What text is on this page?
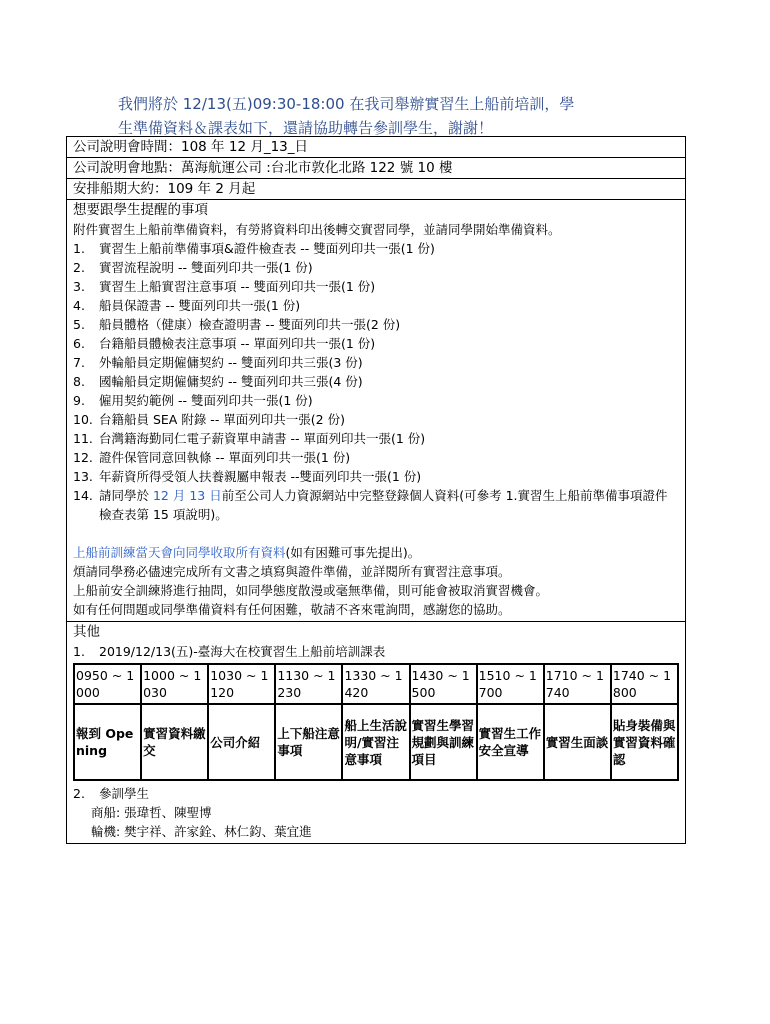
我們將於 12/13(五)09:30-18:00 在我司舉辦實習生上船前培訓，學
生準備資料＆課表如下，還請協助轉告參訓學生，謝謝！
公司說明會時間：108 年 12 月_13_日
公司說明會地點：萬海航運公司 :台北市敦化北路 122 號 10 樓
安排船期大約：109 年 2 月起

想要跟學生提醒的事項

附件實習生上船前準備資料，有勞將資料印出後轉交實習同學，並請同學開始準備資料。

1.	實習生上船前準備事項&證件檢查表 -- 雙面列印共一張(1 份)
2.	實習流程說明 -- 雙面列印共一張(1 份)
3.	實習生上船實習注意事項 -- 雙面列印共一張(1 份)
4.	船員保證書 -- 雙面列印共一張(1 份)
5.	船員體格（健康）檢查證明書 -- 雙面列印共一張(2 份)
6.	台籍船員體檢表注意事項 -- 單面列印共一張(1 份)
7.	外輪船員定期僱傭契約 -- 雙面列印共三張(3 份)
8.	國輪船員定期僱傭契約 -- 雙面列印共三張(4 份)
9.	僱用契約範例 -- 雙面列印共一張(1 份)
10. 台籍船員 SEA 附錄 -- 單面列印共一張(2 份)
11. 台灣籍海勤同仁電子薪資單申請書 -- 單面列印共一張(1 份)
12. 證件保管同意回執條 -- 單面列印共一張(1 份)
13. 年薪資所得受領人扶養親屬申報表 --雙面列印共一張(1 份)
14. 請同學於 12 月 13 日前至公司人力資源網站中完整登錄個人資料(可參考 1.實習生上船前準備事項證件檢查表第 15 項說明)。

上船前訓練當天會向同學收取所有資料(如有困難可事先提出)。

煩請同學務必儘速完成所有文書之填寫與證件準備，並詳閱所有實習注意事項。

上船前安全訓練將進行抽問，如同學態度散漫或毫無準備，則可能會被取消實習機會。

如有任何問題或同學準備資料有任何困難，敬請不吝來電詢問，感謝您的協助。

其他

1.	2019/12/13(五)-臺海大在校實習生上船前培訓課表
0950 ~ 1000	1000 ~ 1030	1030 ~ 1120	1130 ~ 1230	1330 ~ 1420	1430 ~ 1500	1510 ~ 1700	1710 ~ 1740	1740 ~ 1800
報到 Opening	實習資料繳交	公司介紹	上下船注意事項	船上生活說明/實習注意事項	實習生學習規劃與訓練項目	實習生工作安全宣導	實習生面談	貼身裝備與實習資料確認
2.	參訓學生

商船: 張瑋哲、陳聖博

輪機: 樊宇祥、許家銓、林仁鈞、葉宜進
